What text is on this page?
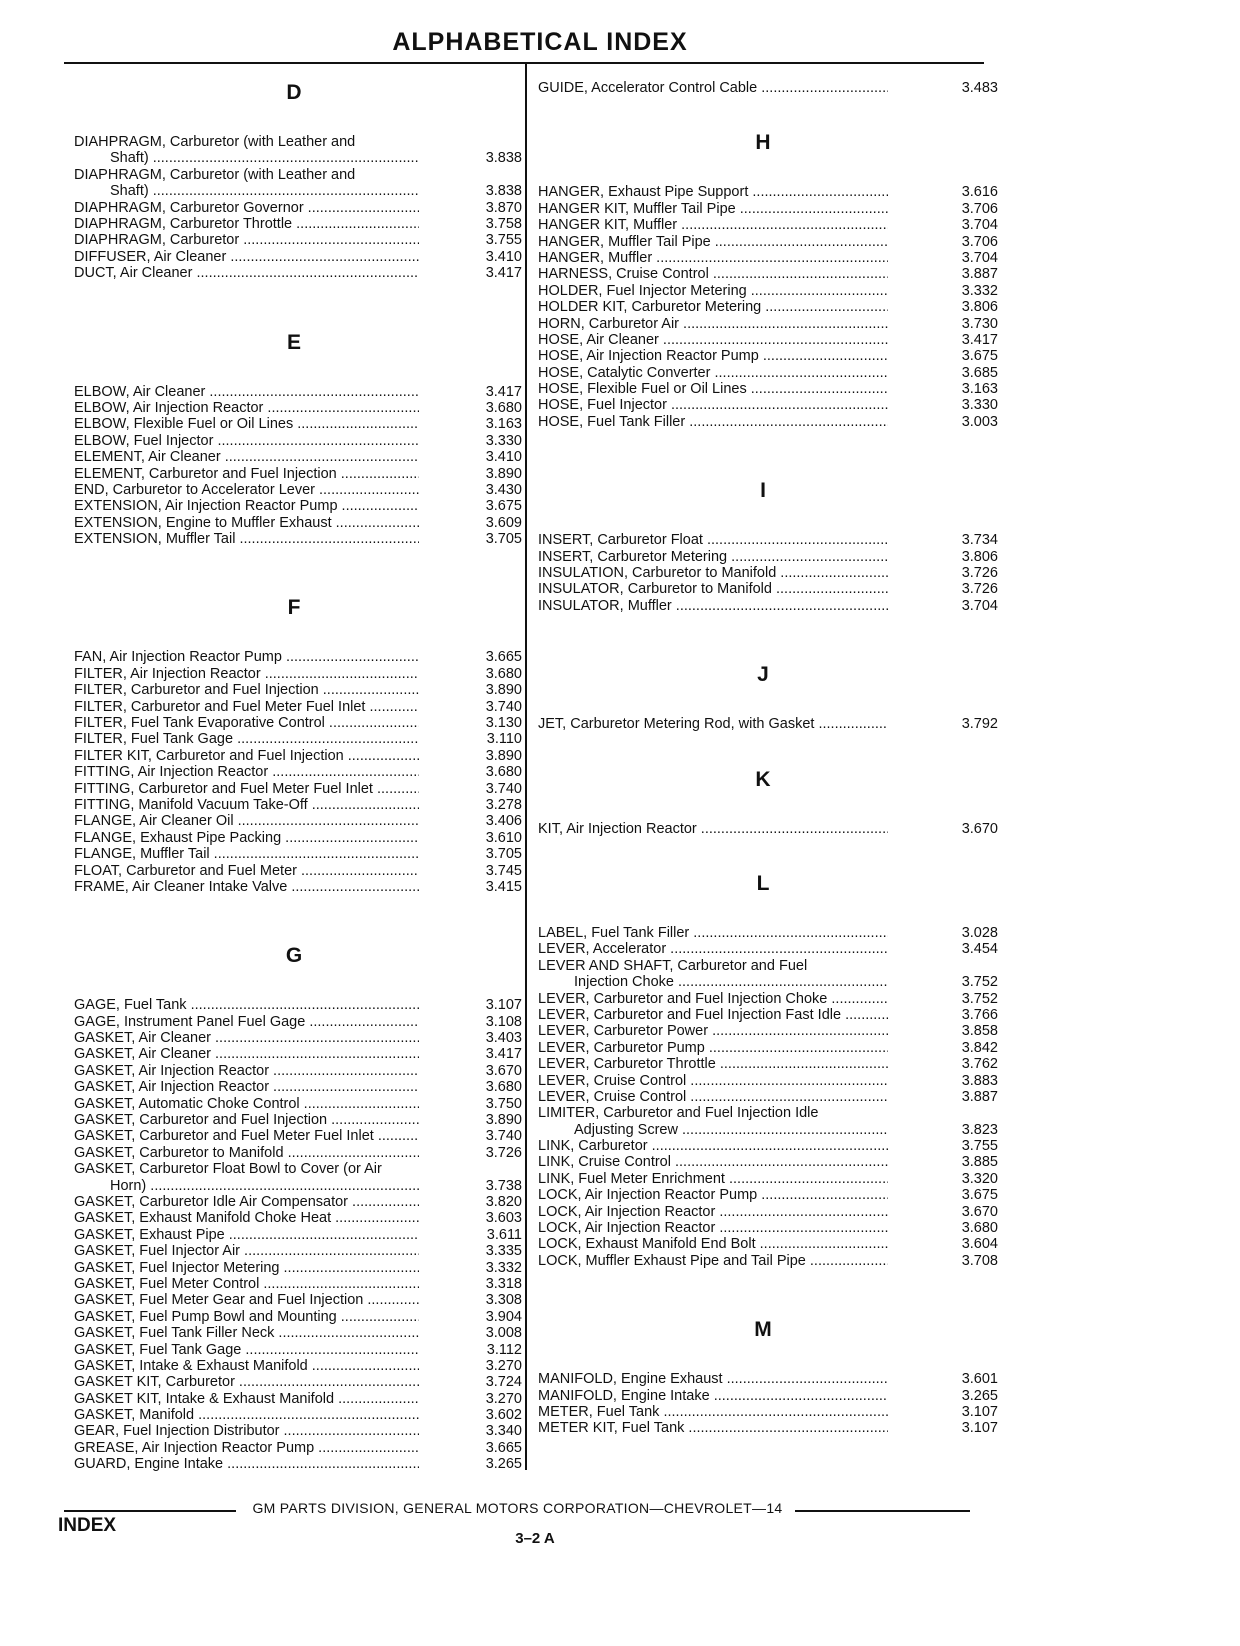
ALPHABETICAL INDEX
D
DIAHPRAGM, Carburetor (with Leather and
Shaft) .....	3.838
DIAPHRAGM, Carburetor (with Leather and
Shaft) .....	3.838
DIAPHRAGM, Carburetor Governor .....	3.870
DIAPHRAGM, Carburetor Throttle .....	3.758
DIAPHRAGM, Carburetor .....	3.755
DIFFUSER, Air Cleaner .....	3.410
DUCT, Air Cleaner .....	3.417
E
ELBOW, Air Cleaner .....	3.417
ELBOW, Air Injection Reactor .....	3.680
ELBOW, Flexible Fuel or Oil Lines .....	3.163
ELBOW, Fuel Injector .....	3.330
ELEMENT, Air Cleaner .....	3.410
ELEMENT, Carburetor and Fuel Injection .....	3.890
END, Carburetor to Accelerator Lever .....	3.430
EXTENSION, Air Injection Reactor Pump .....	3.675
EXTENSION, Engine to Muffler Exhaust .....	3.609
EXTENSION, Muffler Tail .....	3.705
F
FAN, Air Injection Reactor Pump .....	3.665
FILTER, Air Injection Reactor .....	3.680
FILTER, Carburetor and Fuel Injection .....	3.890
FILTER, Carburetor and Fuel Meter Fuel Inlet .....	3.740
FILTER, Fuel Tank Evaporative Control .....	3.130
FILTER, Fuel Tank Gage .....	3.110
FILTER KIT, Carburetor and Fuel Injection .....	3.890
FITTING, Air Injection Reactor .....	3.680
FITTING, Carburetor and Fuel Meter Fuel Inlet .....	3.740
FITTING, Manifold Vacuum Take-Off .....	3.278
FLANGE, Air Cleaner Oil .....	3.406
FLANGE, Exhaust Pipe Packing .....	3.610
FLANGE, Muffler Tail .....	3.705
FLOAT, Carburetor and Fuel Meter .....	3.745
FRAME, Air Cleaner Intake Valve .....	3.415
G
GAGE, Fuel Tank .....	3.107
GAGE, Instrument Panel Fuel Gage .....	3.108
GASKET, Air Cleaner .....	3.403
GASKET, Air Cleaner .....	3.417
GASKET, Air Injection Reactor .....	3.670
GASKET, Air Injection Reactor .....	3.680
GASKET, Automatic Choke Control .....	3.750
GASKET, Carburetor and Fuel Injection .....	3.890
GASKET, Carburetor and Fuel Meter Fuel Inlet .....	3.740
GASKET, Carburetor to Manifold .....	3.726
GASKET, Carburetor Float Bowl to Cover (or Air
Horn) .....	3.738
GASKET, Carburetor Idle Air Compensator .....	3.820
GASKET, Exhaust Manifold Choke Heat .....	3.603
GASKET, Exhaust Pipe .....	3.611
GASKET, Fuel Injector Air .....	3.335
GASKET, Fuel Injector Metering .....	3.332
GASKET, Fuel Meter Control .....	3.318
GASKET, Fuel Meter Gear and Fuel Injection .....	3.308
GASKET, Fuel Pump Bowl and Mounting .....	3.904
GASKET, Fuel Tank Filler Neck .....	3.008
GASKET, Fuel Tank Gage .....	3.112
GASKET, Intake & Exhaust Manifold .....	3.270
GASKET KIT, Carburetor .....	3.724
GASKET KIT, Intake & Exhaust Manifold .....	3.270
GASKET, Manifold .....	3.602
GEAR, Fuel Injection Distributor .....	3.340
GREASE, Air Injection Reactor Pump .....	3.665
GUARD, Engine Intake .....	3.265
GUIDE, Accelerator Control Cable .....	3.483
H
HANGER, Exhaust Pipe Support .....	3.616
HANGER KIT, Muffler Tail Pipe .....	3.706
HANGER KIT, Muffler .....	3.704
HANGER, Muffler Tail Pipe .....	3.706
HANGER, Muffler .....	3.704
HARNESS, Cruise Control .....	3.887
HOLDER, Fuel Injector Metering .....	3.332
HOLDER KIT, Carburetor Metering .....	3.806
HORN, Carburetor Air .....	3.730
HOSE, Air Cleaner .....	3.417
HOSE, Air Injection Reactor Pump .....	3.675
HOSE, Catalytic Converter .....	3.685
HOSE, Flexible Fuel or Oil Lines .....	3.163
HOSE, Fuel Injector .....	3.330
HOSE, Fuel Tank Filler .....	3.003
I
INSERT, Carburetor Float .....	3.734
INSERT, Carburetor Metering .....	3.806
INSULATION, Carburetor to Manifold .....	3.726
INSULATOR, Carburetor to Manifold .....	3.726
INSULATOR, Muffler .....	3.704
J
JET, Carburetor Metering Rod, with Gasket .....	3.792
K
KIT, Air Injection Reactor .....	3.670
L
LABEL, Fuel Tank Filler .....	3.028
LEVER, Accelerator .....	3.454
LEVER AND SHAFT, Carburetor and Fuel
Injection Choke .....	3.752
LEVER, Carburetor and Fuel Injection Choke .....	3.752
LEVER, Carburetor and Fuel Injection Fast Idle .....	3.766
LEVER, Carburetor Power .....	3.858
LEVER, Carburetor Pump .....	3.842
LEVER, Carburetor Throttle .....	3.762
LEVER, Cruise Control .....	3.883
LEVER, Cruise Control .....	3.887
LIMITER, Carburetor and Fuel Injection Idle
Adjusting Screw .....	3.823
LINK, Carburetor .....	3.755
LINK, Cruise Control .....	3.885
LINK, Fuel Meter Enrichment .....	3.320
LOCK, Air Injection Reactor Pump .....	3.675
LOCK, Air Injection Reactor .....	3.670
LOCK, Air Injection Reactor .....	3.680
LOCK, Exhaust Manifold End Bolt .....	3.604
LOCK, Muffler Exhaust Pipe and Tail Pipe .....	3.708
M
MANIFOLD, Engine Exhaust .....	3.601
MANIFOLD, Engine Intake .....	3.265
METER, Fuel Tank .....	3.107
METER KIT, Fuel Tank .....	3.107
GM PARTS DIVISION, GENERAL MOTORS CORPORATION—CHEVROLET—14
INDEX
3–2 A
